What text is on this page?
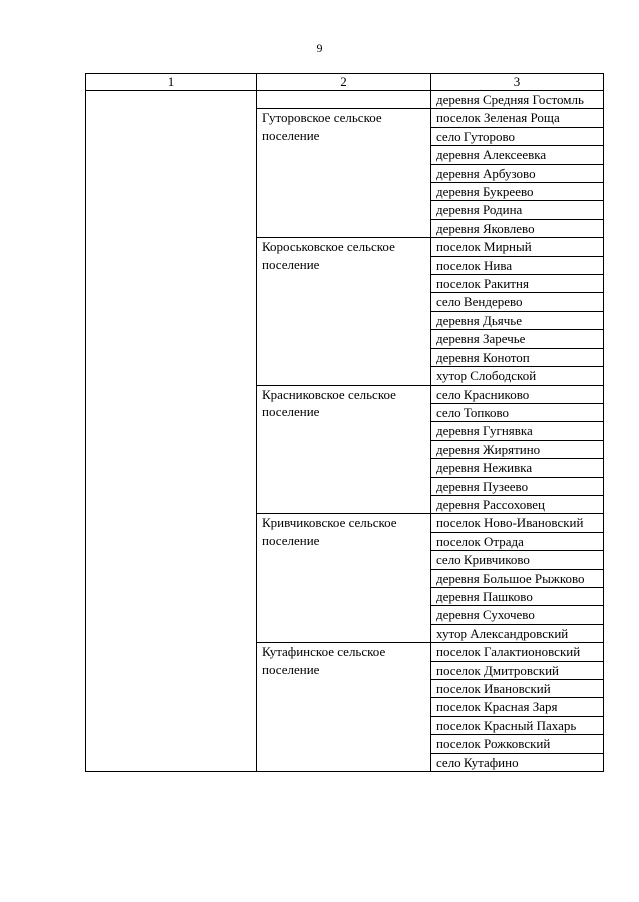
9
1	2	3
		деревня Средняя Гостомль
	Гуторовское сельское поселение	поселок Зеленая Роща
		село Гуторово
		деревня Алексеевка
		деревня Арбузово
		деревня Букреево
		деревня Родина
		деревня Яковлево
	Короськовское сельское поселение	поселок Мирный
		поселок Нива
		поселок Ракитня
		село Вендерево
		деревня Дьячье
		деревня Заречье
		деревня Конотоп
		хутор Слободской
	Красниковское сельское поселение	село Красниково
		село Топково
		деревня Гугнявка
		деревня Жирятино
		деревня Неживка
		деревня Пузеево
		деревня Рассоховец
	Кривчиковское сельское поселение	поселок Ново-Ивановский
		поселок Отрада
		село Кривчиково
		деревня Большое Рыжково
		деревня Пашково
		деревня Сухочево
		хутор Александровский
	Кутафинское сельское поселение	поселок Галактионовский
		поселок Дмитровский
		поселок Ивановский
		поселок Красная Заря
		поселок Красный Пахарь
		поселок Рожковский
		село Кутафино
